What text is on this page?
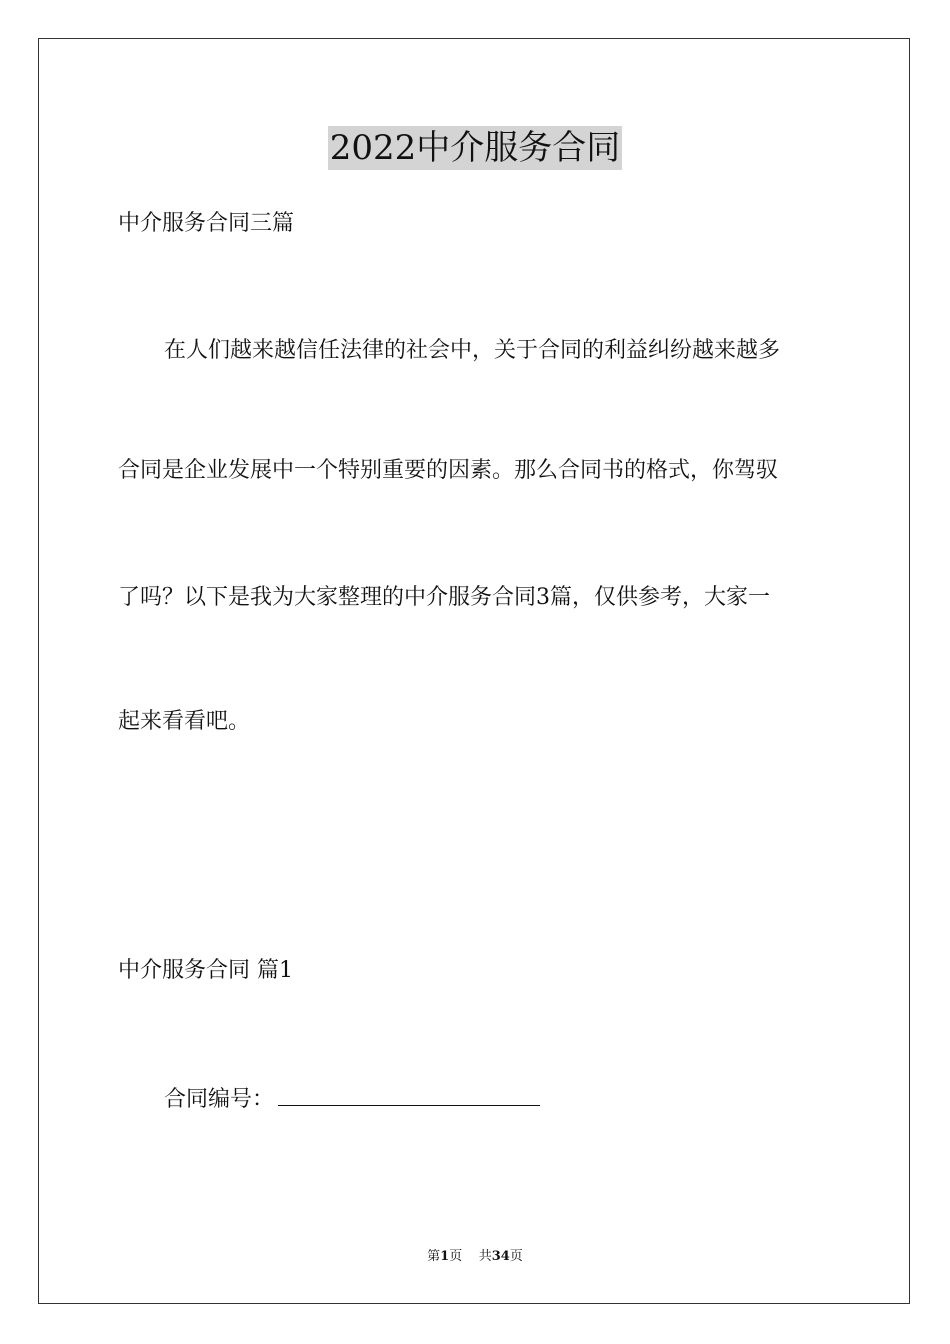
2022中介服务合同
中介服务合同三篇
在人们越来越信任法律的社会中，关于合同的利益纠纷越来越多
合同是企业发展中一个特别重要的因素。那么合同书的格式，你驾驭
了吗？以下是我为大家整理的中介服务合同3篇，仅供参考，大家一
起来看看吧。
中介服务合同 篇1
合同编号：
第1页 共34页
